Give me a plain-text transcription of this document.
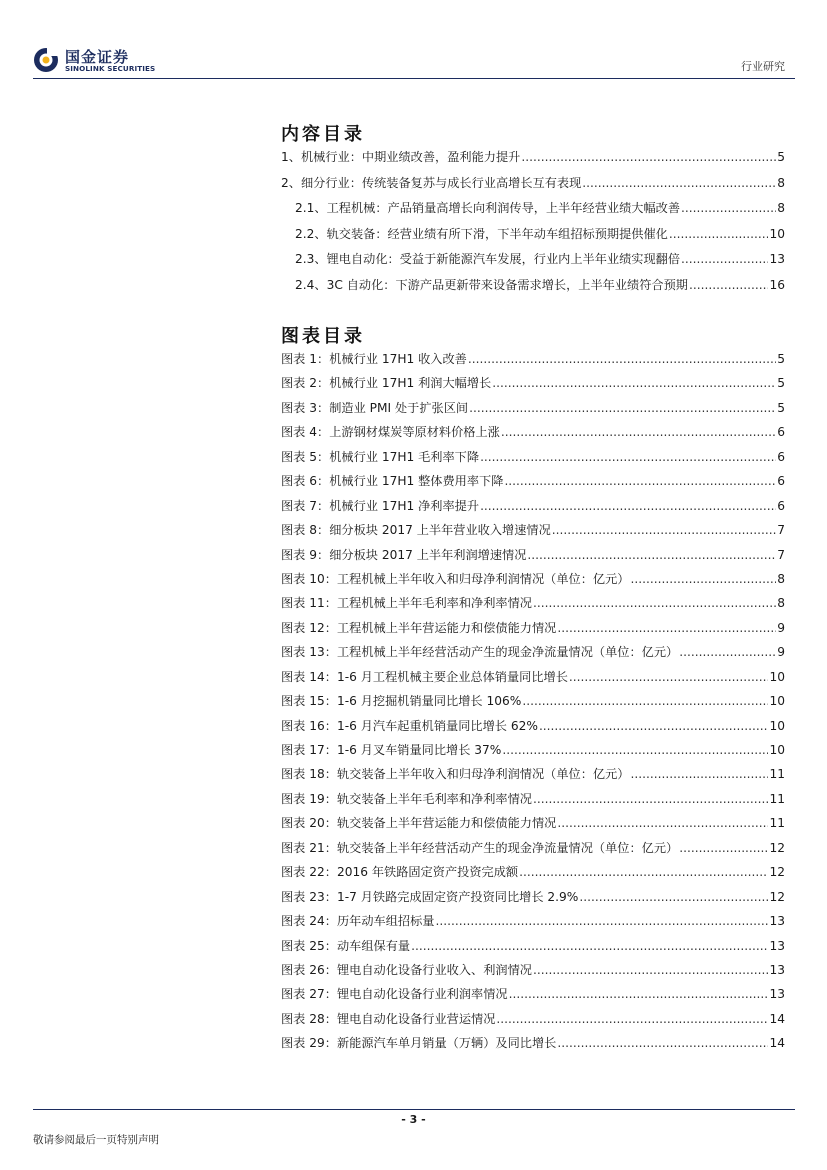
国金证券
SINOLINK SECURITIES	行业研究
内容目录
1、机械行业：中期业绩改善，盈利能力提升 .....	5
2、细分行业：传统装备复苏与成长行业高增长互有表现 .....	8
2.1、工程机械：产品销量高增长向利润传导，上半年经营业绩大幅改善 .....	8
2.2、轨交装备：经营业绩有所下滑，下半年动车组招标预期提供催化 .....	10
2.3、锂电自动化：受益于新能源汽车发展，行业内上半年业绩实现翻倍 .....	13
2.4、3C 自动化：下游产品更新带来设备需求增长，上半年业绩符合预期 .....	16
图表目录
图表 1：机械行业 17H1 收入改善 .....	5
图表 2：机械行业 17H1 利润大幅增长 .....	5
图表 3：制造业 PMI 处于扩张区间 .....	5
图表 4：上游钢材煤炭等原材料价格上涨 .....	6
图表 5：机械行业 17H1 毛利率下降 .....	6
图表 6：机械行业 17H1 整体费用率下降 .....	6
图表 7：机械行业 17H1 净利率提升 .....	6
图表 8：细分板块 2017 上半年营业收入增速情况 .....	7
图表 9：细分板块 2017 上半年利润增速情况 .....	7
图表 10：工程机械上半年收入和归母净利润情况（单位：亿元） .....	8
图表 11：工程机械上半年毛利率和净利率情况 .....	8
图表 12：工程机械上半年营运能力和偿债能力情况 .....	9
图表 13：工程机械上半年经营活动产生的现金净流量情况（单位：亿元） .....	9
图表 14：1-6 月工程机械主要企业总体销量同比增长 .....	10
图表 15：1-6 月挖掘机销量同比增长 106% .....	10
图表 16：1-6 月汽车起重机销量同比增长 62% .....	10
图表 17：1-6 月叉车销量同比增长 37% .....	10
图表 18：轨交装备上半年收入和归母净利润情况（单位：亿元） .....	11
图表 19：轨交装备上半年毛利率和净利率情况 .....	11
图表 20：轨交装备上半年营运能力和偿债能力情况 .....	11
图表 21：轨交装备上半年经营活动产生的现金净流量情况（单位：亿元） .....	12
图表 22：2016 年铁路固定资产投资完成额 .....	12
图表 23：1-7 月铁路完成固定资产投资同比增长 2.9% .....	12
图表 24：历年动车组招标量 .....	13
图表 25：动车组保有量 .....	13
图表 26：锂电自动化设备行业收入、利润情况 .....	13
图表 27：锂电自动化设备行业利润率情况 .....	13
图表 28：锂电自动化设备行业营运情况 .....	14
图表 29：新能源汽车单月销量（万辆）及同比增长 .....	14
- 3 -
敬请参阅最后一页特别声明
